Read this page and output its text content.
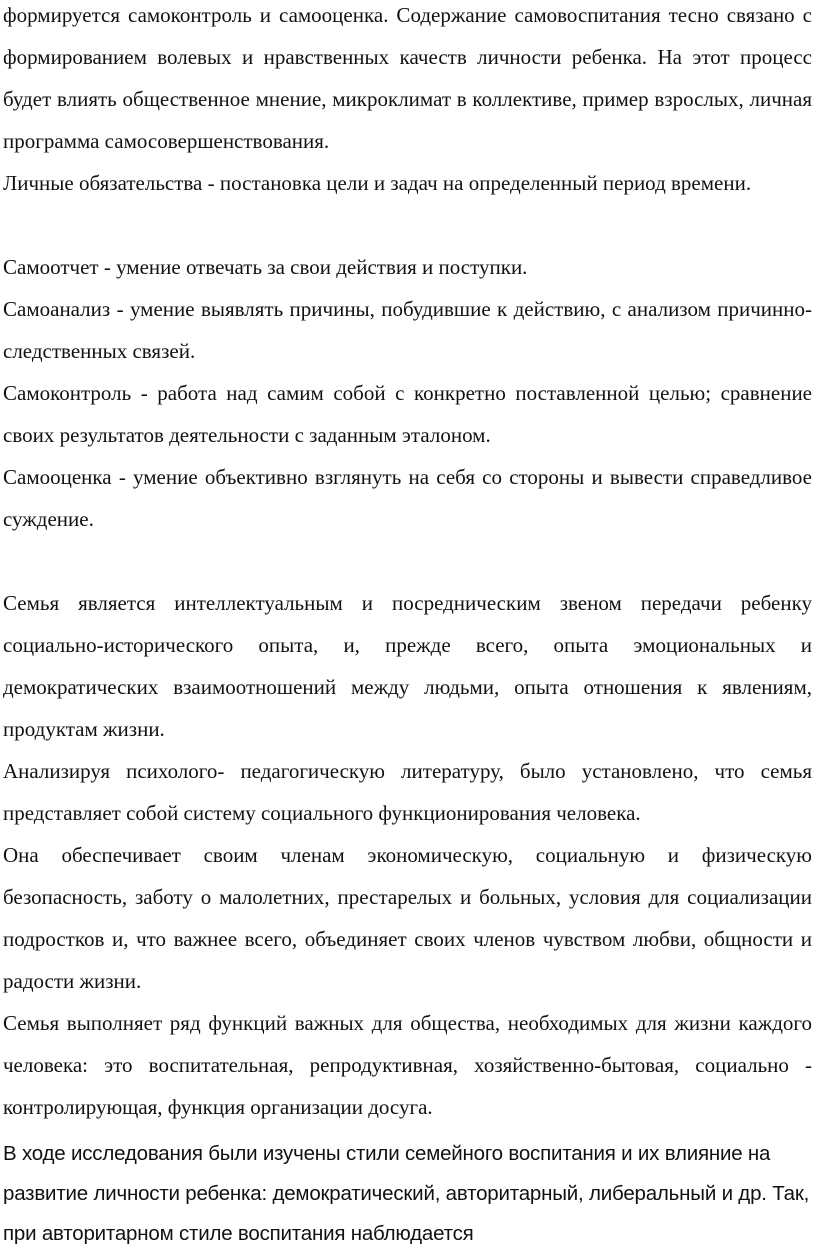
формируется самоконтроль и самооценка. Содержание самовоспитания тесно связано с формированием волевых и нравственных качеств личности ребенка. На этот процесс будет влиять общественное мнение, микроклимат в коллективе, пример взрослых, личная программа самосовершенствования.

Личные обязательства - постановка цели и задач на определенный период времени.

Самоотчет - умение отвечать за свои действия и поступки.

Самоанализ - умение выявлять причины, побудившие к действию, с анализом причинно-следственных связей.

Самоконтроль - работа над самим собой с конкретно поставленной целью; сравнение своих результатов деятельности с заданным эталоном.

Самооценка - умение объективно взглянуть на себя со стороны и вывести справедливое суждение.

Семья является интеллектуальным и посредническим звеном передачи ребенку социально-исторического опыта, и, прежде всего, опыта эмоциональных и демократических взаимоотношений между людьми, опыта отношения к явлениям, продуктам жизни.

Анализируя психолого- педагогическую литературу, было установлено, что семья представляет собой систему социального функционирования человека.

Она обеспечивает своим членам экономическую, социальную и физическую безопасность, заботу о малолетних, престарелых и больных, условия для социализации подростков и, что важнее всего, объединяет своих членов чувством любви, общности и радости жизни.

Семья выполняет ряд функций важных для общества, необходимых для жизни каждого человека: это воспитательная, репродуктивная, хозяйственно-бытовая, социально - контролирующая, функция организации досуга.

В ходе исследования были изучены стили семейного воспитания и их влияние на развитие личности ребенка: демократический, авторитарный, либеральный и др. Так, при авторитарном стиле воспитания наблюдается
